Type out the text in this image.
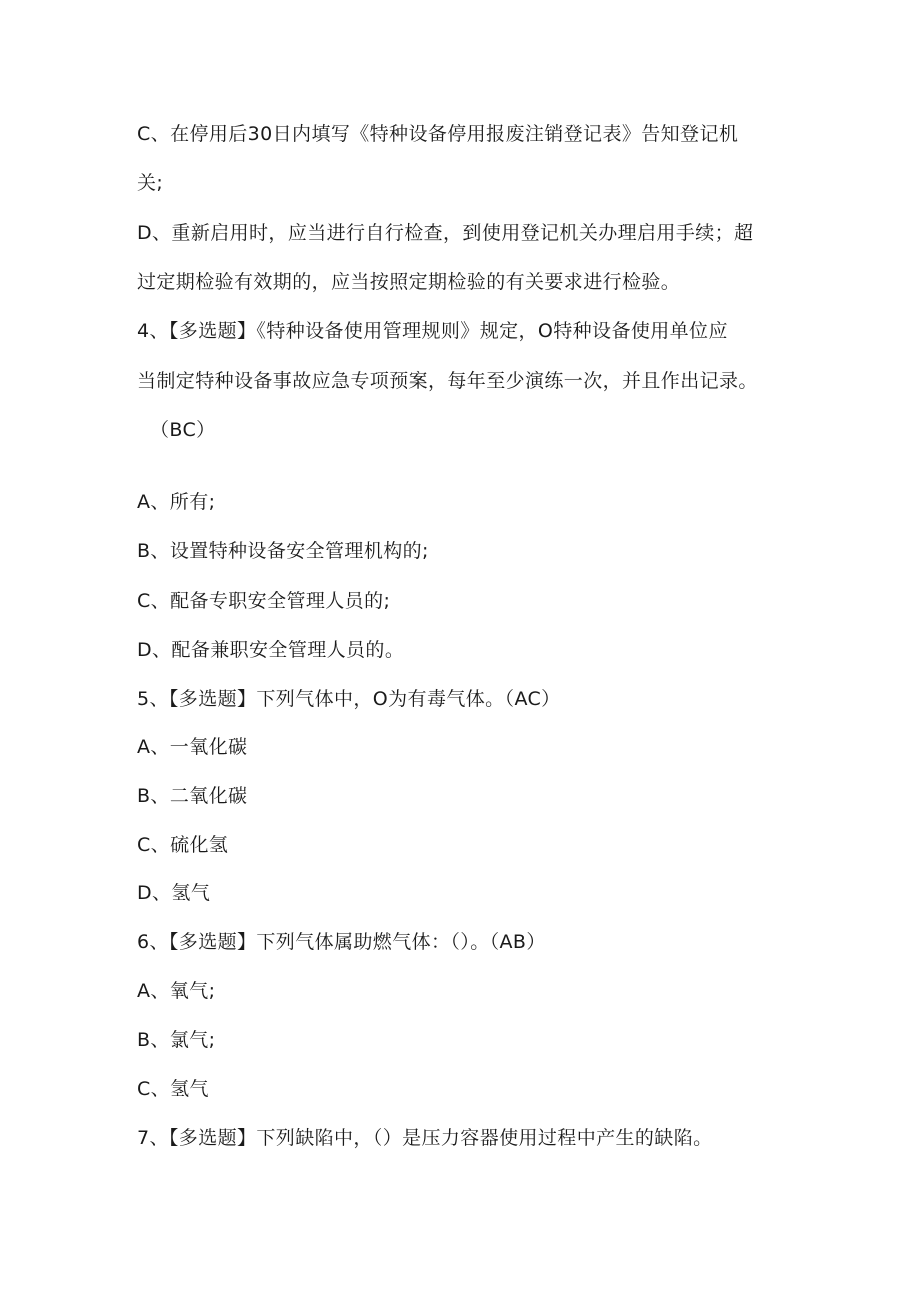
C、在停用后30日内填写《特种设备停用报废注销登记表》告知登记机
关;
D、重新启用时，应当进行自行检查，到使用登记机关办理启用手续；超
过定期检验有效期的，应当按照定期检验的有关要求进行检验。
4、【多选题】《特种设备使用管理规则》规定，O特种设备使用单位应
当制定特种设备事故应急专项预案，每年至少演练一次，并且作出记录。
（BC）
A、所有;
B、设置特种设备安全管理机构的;
C、配备专职安全管理人员的;
D、配备兼职安全管理人员的。
5、【多选题】下列气体中，O为有毒气体。（AC）
A、一氧化碳
B、二氧化碳
C、硫化氢
D、氢气
6、【多选题】下列气体属助燃气体：（）。（AB）
A、氧气;
B、氯气;
C、氢气
7、【多选题】下列缺陷中，（）是压力容器使用过程中产生的缺陷。
